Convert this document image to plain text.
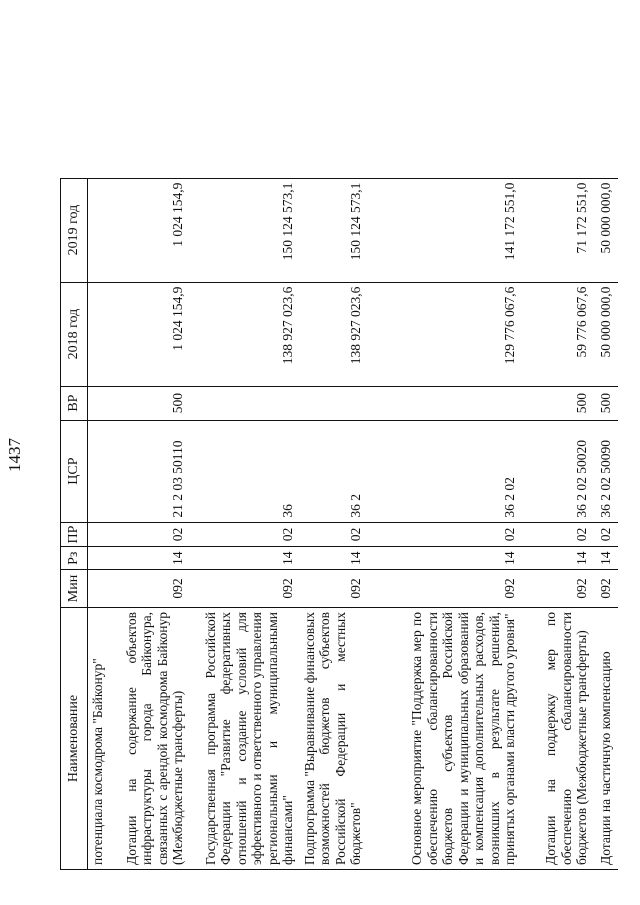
1437
Наименование	Мин	Рз	ПР	ЦСР	ВР	2018 год	2019 год
потенциала космодрома "Байконур"							
Дотации на содержание объектов инфраструктуры города Байконура, связанных с арендой космодрома Байконур (Межбюджетные трансферты)	092	14	02	21 2 03 50110	500	1 024 154,9	1 024 154,9
Государственная программа Российской Федерации "Развитие федеративных отношений и создание условий для эффективного и ответственного управления региональными и муниципальными финансами"	092	14	02	36		138 927 023,6	150 124 573,1
Подпрограмма "Выравнивание финансовых возможностей бюджетов субъектов Российской Федерации и местных бюджетов"	092	14	02	36 2		138 927 023,6	150 124 573,1
Основное мероприятие "Поддержка мер по обеспечению сбалансированности бюджетов субъектов Российской Федерации и муниципальных образований и компенсация дополнительных расходов, возникших в результате решений, принятых органами власти другого уровня"	092	14	02	36 2 02		129 776 067,6	141 172 551,0
Дотации на поддержку мер по обеспечению сбалансированности бюджетов (Межбюджетные трансферты)	092	14	02	36 2 02 50020	500	59 776 067,6	71 172 551,0
Дотации на частичную компенсацию	092	14	02	36 2 02 50090	500	50 000 000,0	50 000 000,0
